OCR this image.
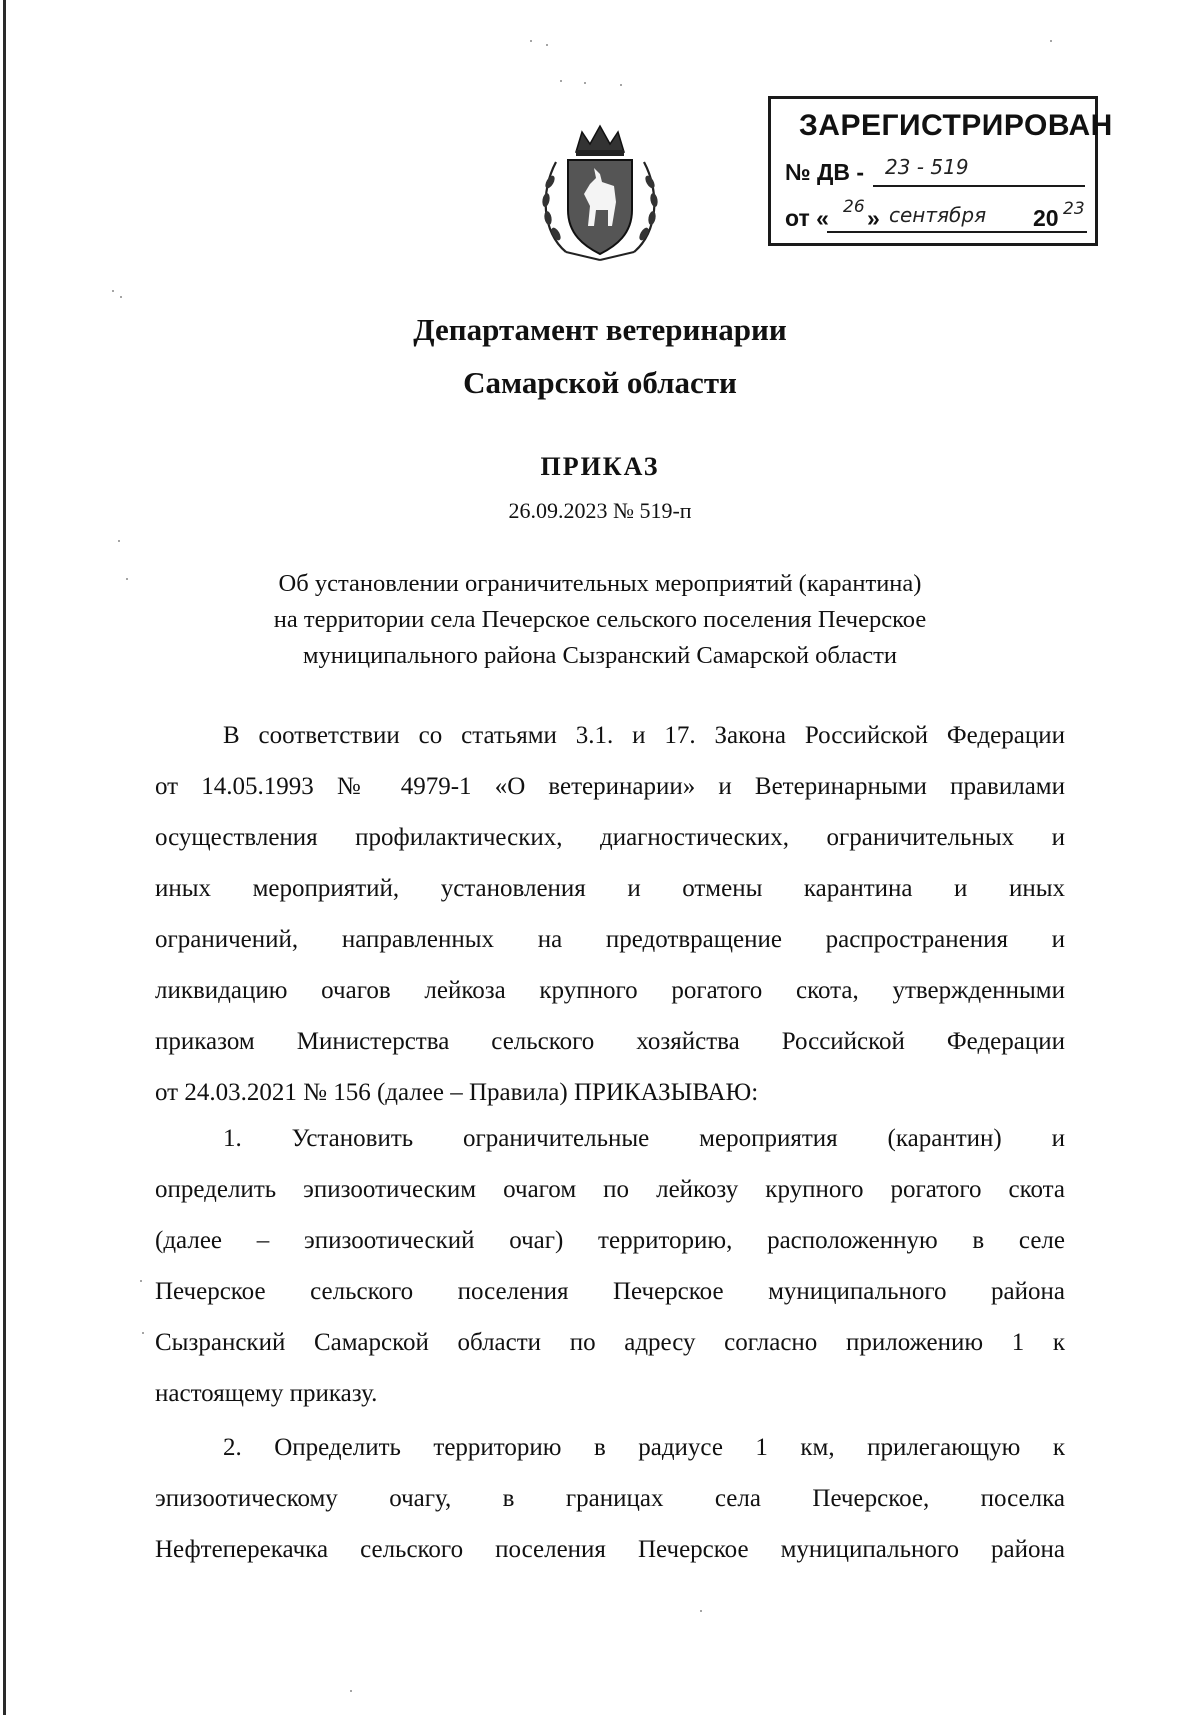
ЗАРЕГИСТРИРОВАН
№ ДВ - 23 - 519
от « 26 » сентября 20 23
Департамент ветеринарии
Самарской области
ПРИКАЗ
26.09.2023 № 519-п
Об установлении ограничительных мероприятий (карантина)
на территории села Печерское сельского поселения Печерское
муниципального района Сызранский Самарской области
В соответствии со статьями 3.1. и 17. Закона Российской Федерации
от 14.05.1993 № 4979-1 «О ветеринарии» и Ветеринарными правилами
осуществления профилактических, диагностических, ограничительных и
иных мероприятий, установления и отмены карантина и иных
ограничений, направленных на предотвращение распространения и
ликвидацию очагов лейкоза крупного рогатого скота, утвержденными
приказом Министерства сельского хозяйства Российской Федерации
от 24.03.2021 № 156 (далее – Правила) ПРИКАЗЫВАЮ:
1. Установить ограничительные мероприятия (карантин) и
определить эпизоотическим очагом по лейкозу крупного рогатого скота
(далее – эпизоотический очаг) территорию, расположенную в селе
Печерское сельского поселения Печерское муниципального района
Сызранский Самарской области по адресу согласно приложению 1 к
настоящему приказу.
2. Определить территорию в радиусе 1 км, прилегающую к
эпизоотическому очагу, в границах села Печерское, поселка
Нефтеперекачка сельского поселения Печерское муниципального района
